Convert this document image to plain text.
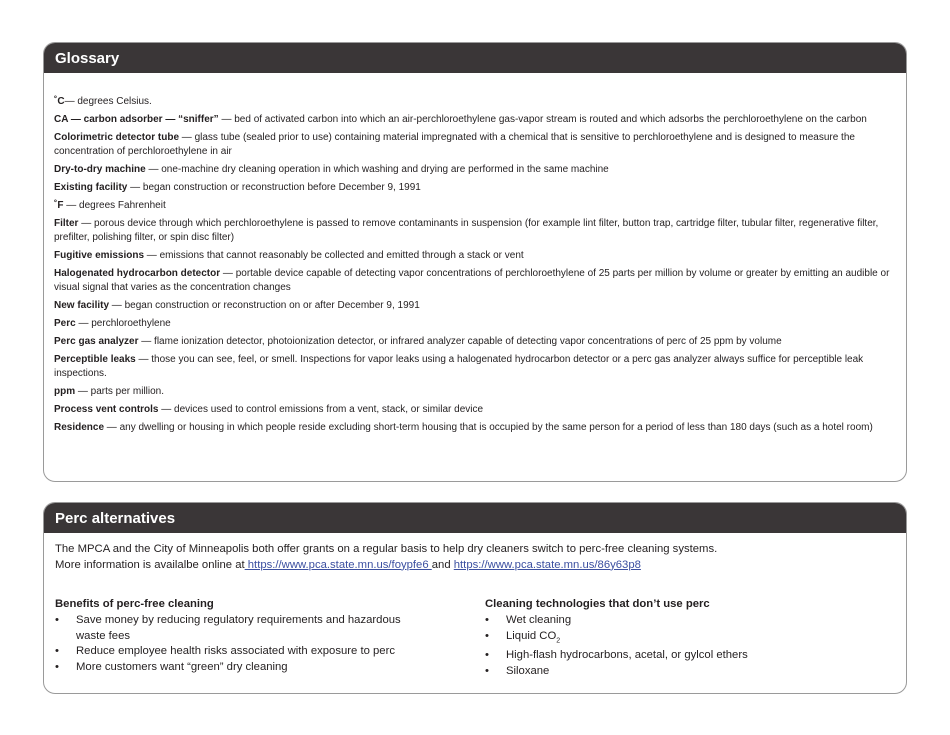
Glossary
˚C— degrees Celsius.
CA — carbon adsorber — “sniffer” — bed of activated carbon into which an air-perchloroethylene gas-vapor stream is routed and which adsorbs the perchloroethylene on the carbon
Colorimetric detector tube — glass tube (sealed prior to use) containing material impregnated with a chemical that is sensitive to perchloroethylene and is designed to measure the concentration of perchloroethylene in air
Dry-to-dry machine — one-machine dry cleaning operation in which washing and drying are performed in the same machine
Existing facility — began construction or reconstruction before December 9, 1991
˚F — degrees Fahrenheit
Filter — porous device through which perchloroethylene is passed to remove contaminants in suspension (for example lint filter, button trap, cartridge filter, tubular filter, regenerative filter, prefilter, polishing filter, or spin disc filter)
Fugitive emissions — emissions that cannot reasonably be collected and emitted through a stack or vent
Halogenated hydrocarbon detector — portable device capable of detecting vapor concentrations of perchloroethylene of 25 parts per million by volume or greater by emitting an audible or visual signal that varies as the concentration changes
New facility — began construction or reconstruction on or after December 9, 1991
Perc — perchloroethylene
Perc gas analyzer — flame ionization detector, photoionization detector, or infrared analyzer capable of detecting vapor concentrations of perc of 25 ppm by volume
Perceptible leaks — those you can see, feel, or smell. Inspections for vapor leaks using a halogenated hydrocarbon detector or a perc gas analyzer always suffice for perceptible leak inspections.
ppm — parts per million.
Process vent controls — devices used to control emissions from a vent, stack, or similar device
Residence — any dwelling or housing in which people reside excluding short-term housing that is occupied by the same person for a period of less than 180 days (such as a hotel room)
Perc alternatives
The MPCA and the City of Minneapolis both offer grants on a regular basis to help dry cleaners switch to perc-free cleaning systems.
More information is availalbe online at https://www.pca.state.mn.us/foypfe6 and https://www.pca.state.mn.us/86y63p8
Benefits of perc-free cleaning
• Save money by reducing regulatory requirements and hazardous waste fees
• Reduce employee health risks associated with exposure to perc
• More customers want “green” dry cleaning
Cleaning technologies that don’t use perc
• Wet cleaning
• Liquid $CO_2$
• High-flash hydrocarbons, acetal, or gylcol ethers
• Siloxane
